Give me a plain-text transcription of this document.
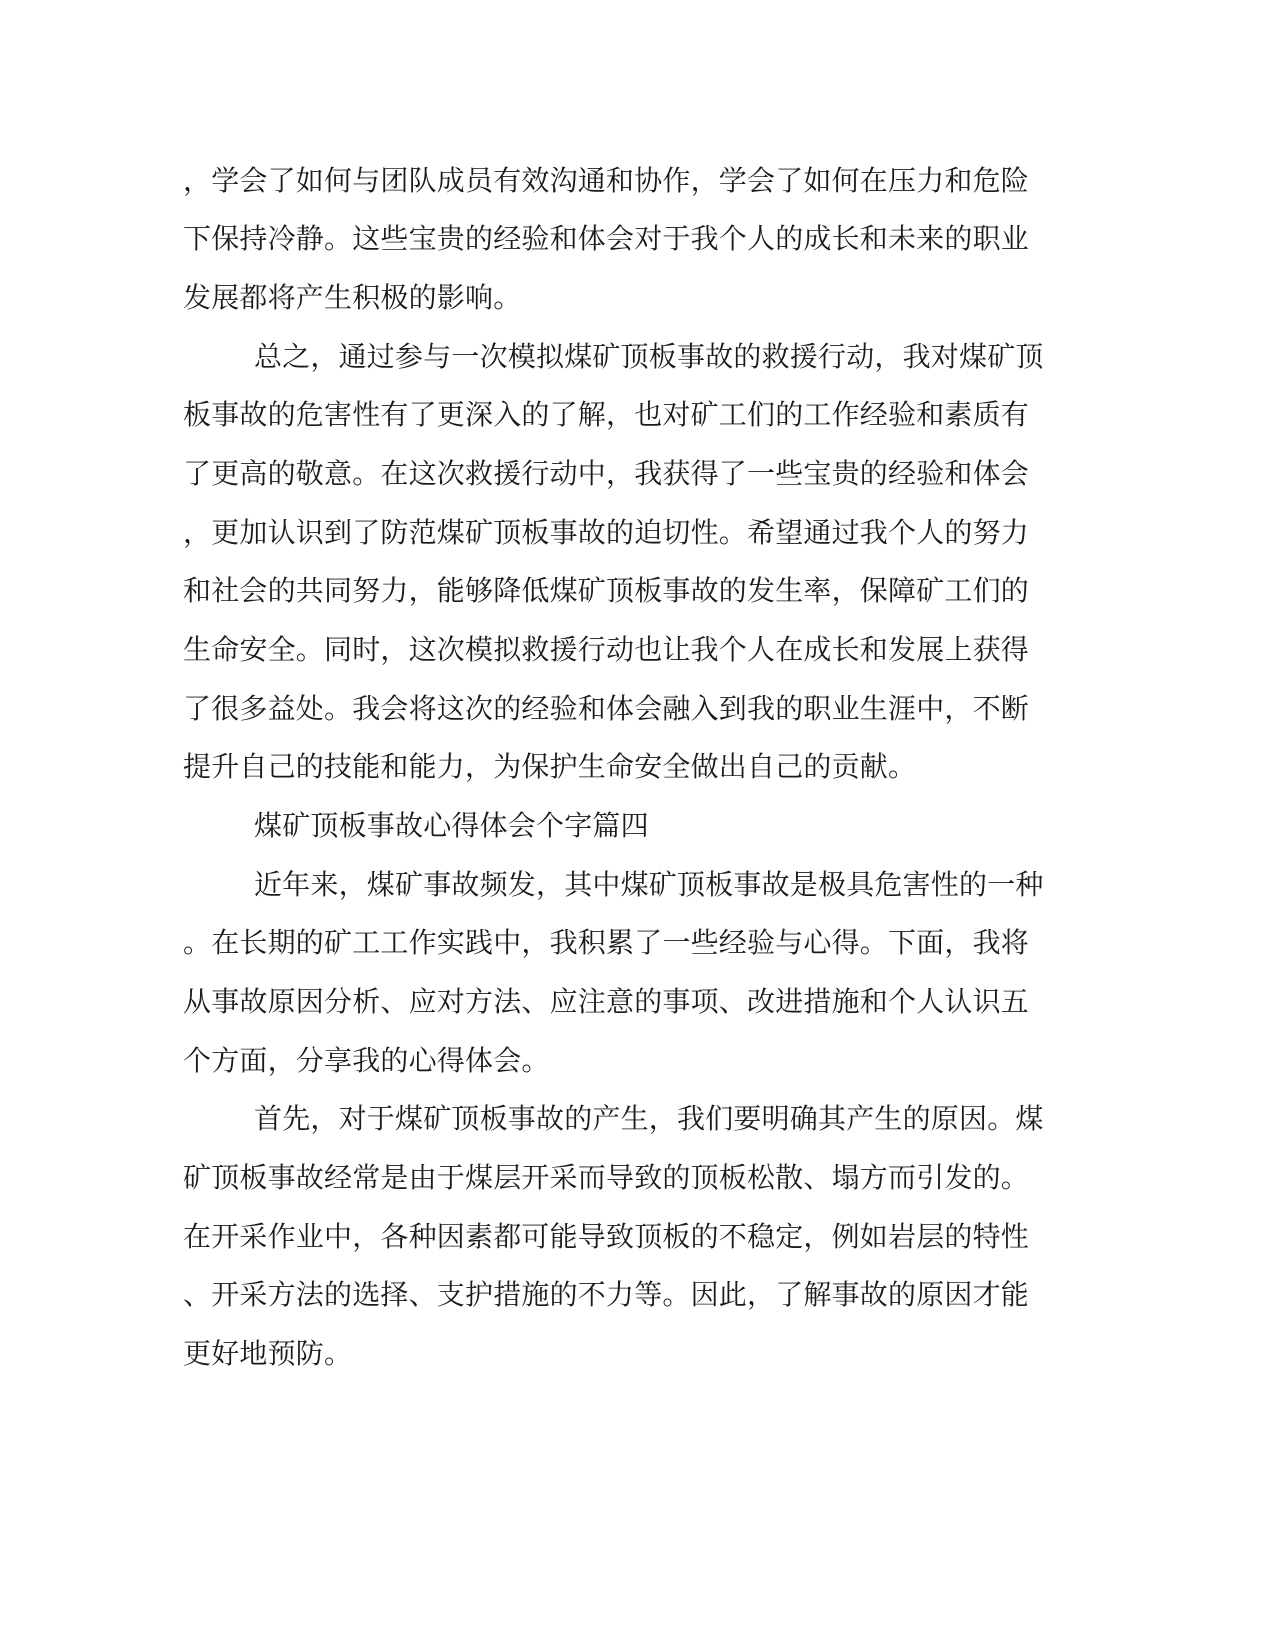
，学会了如何与团队成员有效沟通和协作，学会了如何在压力和危险
下保持冷静。这些宝贵的经验和体会对于我个人的成长和未来的职业
发展都将产生积极的影响。
总之，通过参与一次模拟煤矿顶板事故的救援行动，我对煤矿顶
板事故的危害性有了更深入的了解，也对矿工们的工作经验和素质有
了更高的敬意。在这次救援行动中，我获得了一些宝贵的经验和体会
，更加认识到了防范煤矿顶板事故的迫切性。希望通过我个人的努力
和社会的共同努力，能够降低煤矿顶板事故的发生率，保障矿工们的
生命安全。同时，这次模拟救援行动也让我个人在成长和发展上获得
了很多益处。我会将这次的经验和体会融入到我的职业生涯中，不断
提升自己的技能和能力，为保护生命安全做出自己的贡献。
煤矿顶板事故心得体会个字篇四
近年来，煤矿事故频发，其中煤矿顶板事故是极具危害性的一种
。在长期的矿工工作实践中，我积累了一些经验与心得。下面，我将
从事故原因分析、应对方法、应注意的事项、改进措施和个人认识五
个方面，分享我的心得体会。
首先，对于煤矿顶板事故的产生，我们要明确其产生的原因。煤
矿顶板事故经常是由于煤层开采而导致的顶板松散、塌方而引发的。
在开采作业中，各种因素都可能导致顶板的不稳定，例如岩层的特性
、开采方法的选择、支护措施的不力等。因此，了解事故的原因才能
更好地预防。
